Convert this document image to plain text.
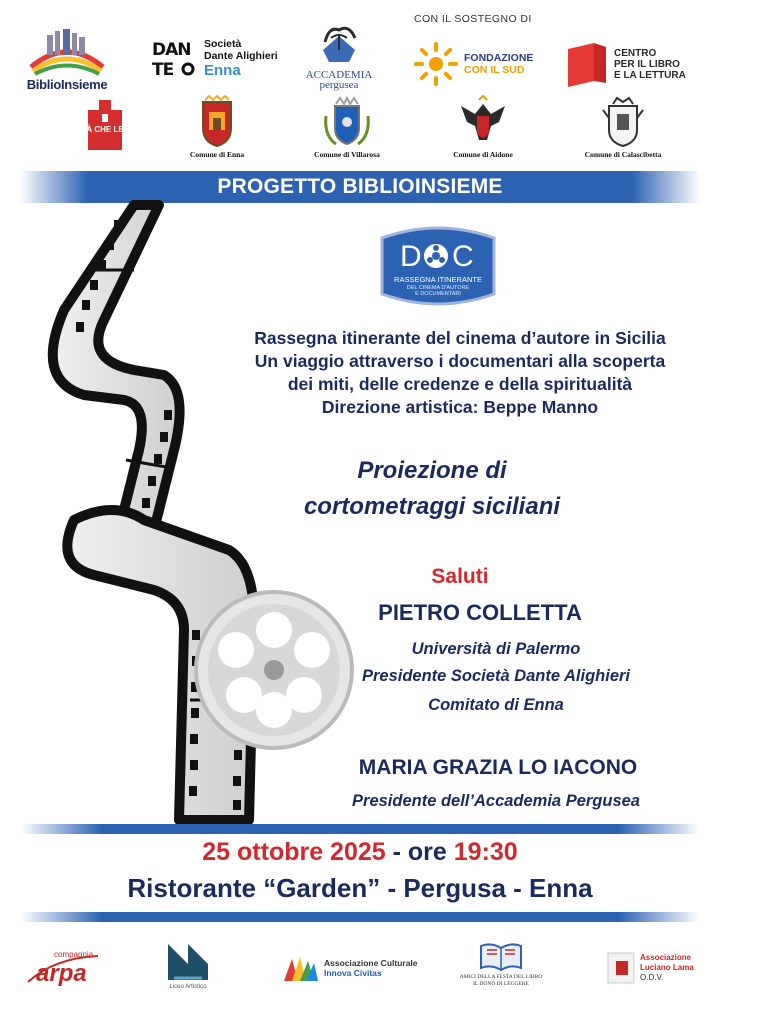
BiblioInsieme
DAN
TE
Società
Dante Alighieri
Enna	ACCADEMIA
pergusea
CON IL SOSTEGNO DI
FONDAZIONE
CON IL SUD
CENTRO
PER IL LIBRO
E LA LETTURA
CITTÀ CHE LEGGE
Comune di Enna	Comune di Villarosa	Comune di Aidone	Comune di Calascibetta
PROGETTO BIBLIOINSIEME
D C
RASSEGNA ITINERANTE
DEL CINEMA D'AUTORE
E DOCUMENTARI
Rassegna itinerante del cinema d’autore in Sicilia
Un viaggio attraverso i documentari alla scoperta
dei miti, delle credenze e della spiritualità
Direzione artistica: Beppe Manno
Proiezione di
cortometraggi siciliani
Saluti
PIETRO COLLETTA
Università di Palermo
Presidente Società Dante Alighieri
Comitato di Enna
MARIA GRAZIA LO IACONO
Presidente dell’Accademia Pergusea
25 ottobre 2025 - ore 19:30
Ristorante “Garden” - Pergusa - Enna
compagnia
arpa	Liceo Artistico
Associazione Culturale
Innova Civitas	AMICI DELLA FESTA DEL LIBRO
IL DONO DI LEGGERE
Associazione
Luciano Lama
O.D.V.
